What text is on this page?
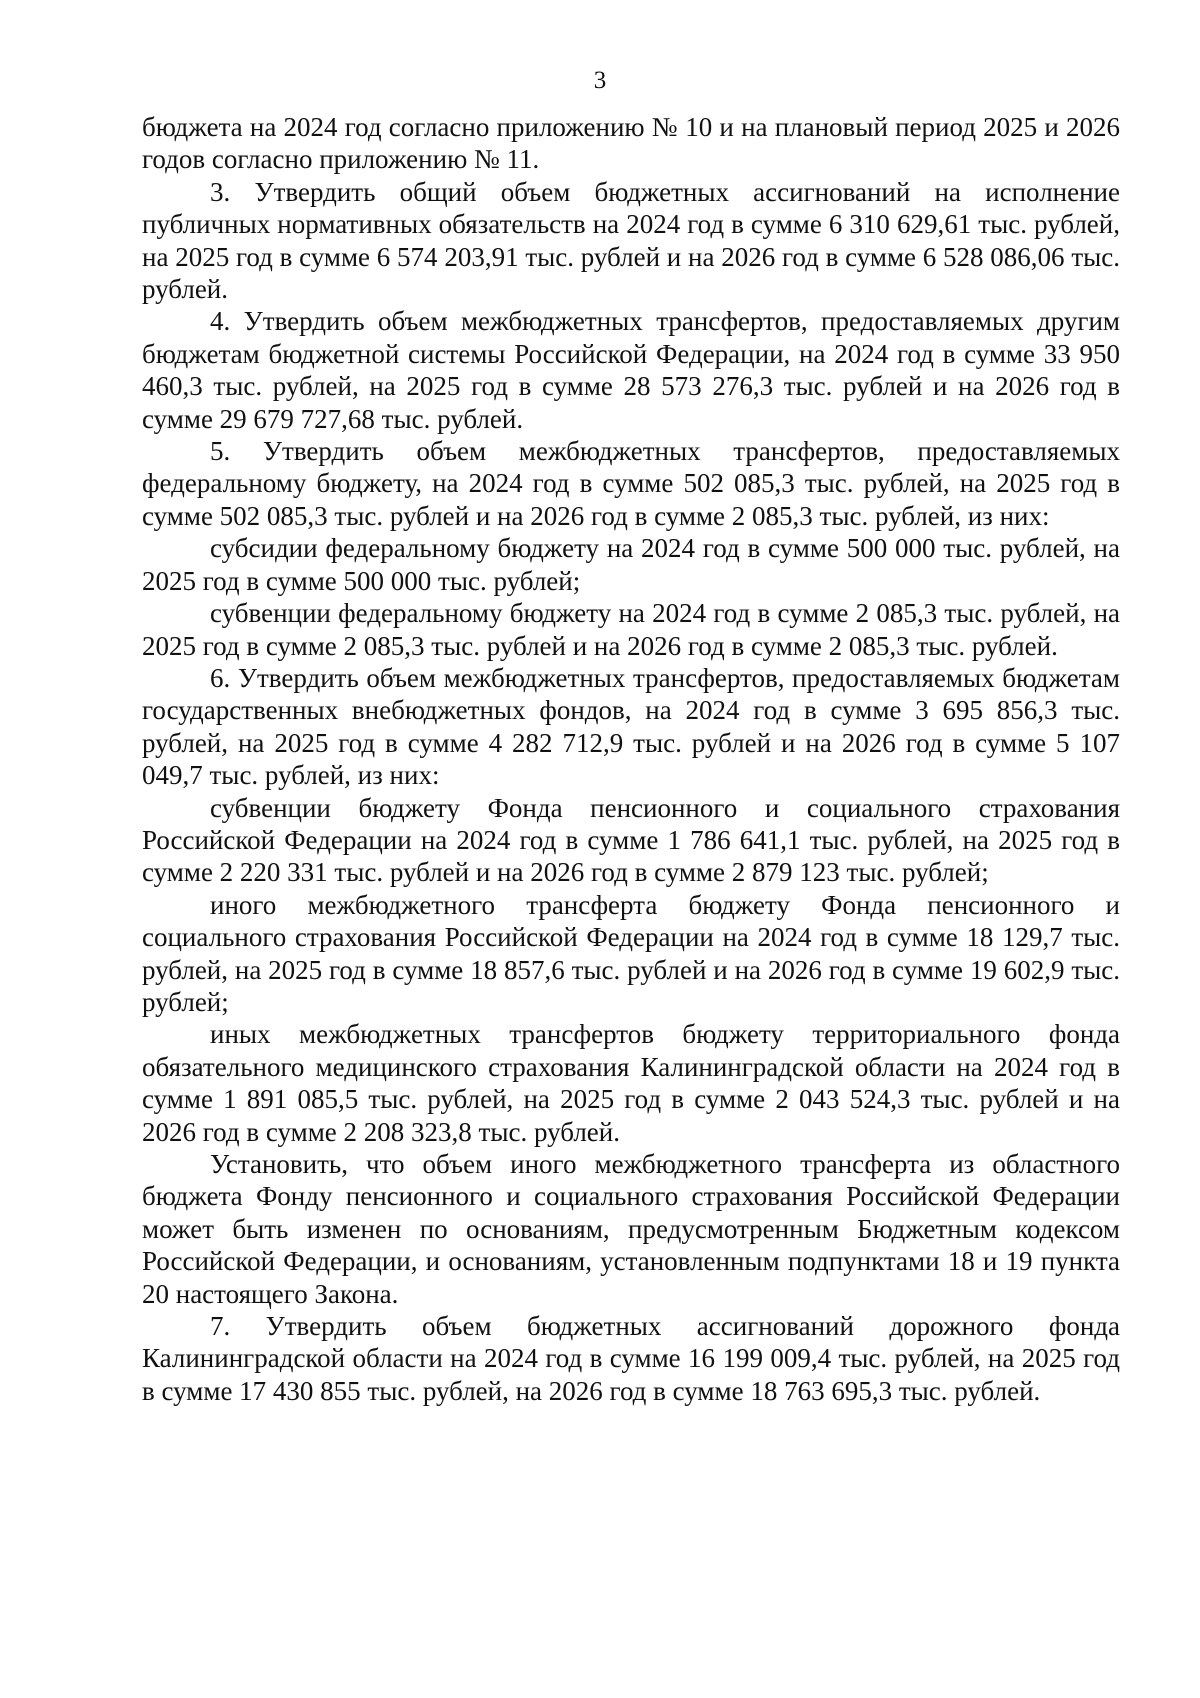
3

бюджета на 2024 год согласно приложению № 10 и на плановый период 2025 и 2026 годов согласно приложению № 11.

3. Утвердить общий объем бюджетных ассигнований на исполнение публичных нормативных обязательств на 2024 год в сумме 6 310 629,61 тыс. рублей, на 2025 год в сумме 6 574 203,91 тыс. рублей и на 2026 год в сумме 6 528 086,06 тыс. рублей.

4. Утвердить объем межбюджетных трансфертов, предоставляемых другим бюджетам бюджетной системы Российской Федерации, на 2024 год в сумме 33 950 460,3 тыс. рублей, на 2025 год в сумме 28 573 276,3 тыс. рублей и на 2026 год в сумме 29 679 727,68 тыс. рублей.

5. Утвердить объем межбюджетных трансфертов, предоставляемых федеральному бюджету, на 2024 год в сумме 502 085,3 тыс. рублей, на 2025 год в сумме 502 085,3 тыс. рублей и на 2026 год в сумме 2 085,3 тыс. рублей, из них:

субсидии федеральному бюджету на 2024 год в сумме 500 000 тыс. рублей, на 2025 год в сумме 500 000 тыс. рублей;

субвенции федеральному бюджету на 2024 год в сумме 2 085,3 тыс. рублей, на 2025 год в сумме 2 085,3 тыс. рублей и на 2026 год в сумме 2 085,3 тыс. рублей.

6. Утвердить объем межбюджетных трансфертов, предоставляемых бюджетам государственных внебюджетных фондов, на 2024 год в сумме 3 695 856,3 тыс. рублей, на 2025 год в сумме 4 282 712,9 тыс. рублей и на 2026 год в сумме 5 107 049,7 тыс. рублей, из них:

субвенции бюджету Фонда пенсионного и социального страхования Российской Федерации на 2024 год в сумме 1 786 641,1 тыс. рублей, на 2025 год в сумме 2 220 331 тыс. рублей и на 2026 год в сумме 2 879 123 тыс. рублей;

иного межбюджетного трансферта бюджету Фонда пенсионного и социального страхования Российской Федерации на 2024 год в сумме 18 129,7 тыс. рублей, на 2025 год в сумме 18 857,6 тыс. рублей и на 2026 год в сумме 19 602,9 тыс. рублей;

иных межбюджетных трансфертов бюджету территориального фонда обязательного медицинского страхования Калининградской области на 2024 год в сумме 1 891 085,5 тыс. рублей, на 2025 год в сумме 2 043 524,3 тыс. рублей и на 2026 год в сумме 2 208 323,8 тыс. рублей.

Установить, что объем иного межбюджетного трансферта из областного бюджета Фонду пенсионного и социального страхования Российской Федерации может быть изменен по основаниям, предусмотренным Бюджетным кодексом Российской Федерации, и основаниям, установленным подпунктами 18 и 19 пункта 20 настоящего Закона.

7. Утвердить объем бюджетных ассигнований дорожного фонда Калининградской области на 2024 год в сумме 16 199 009,4 тыс. рублей, на 2025 год в сумме 17 430 855 тыс. рублей, на 2026 год в сумме 18 763 695,3 тыс. рублей.
